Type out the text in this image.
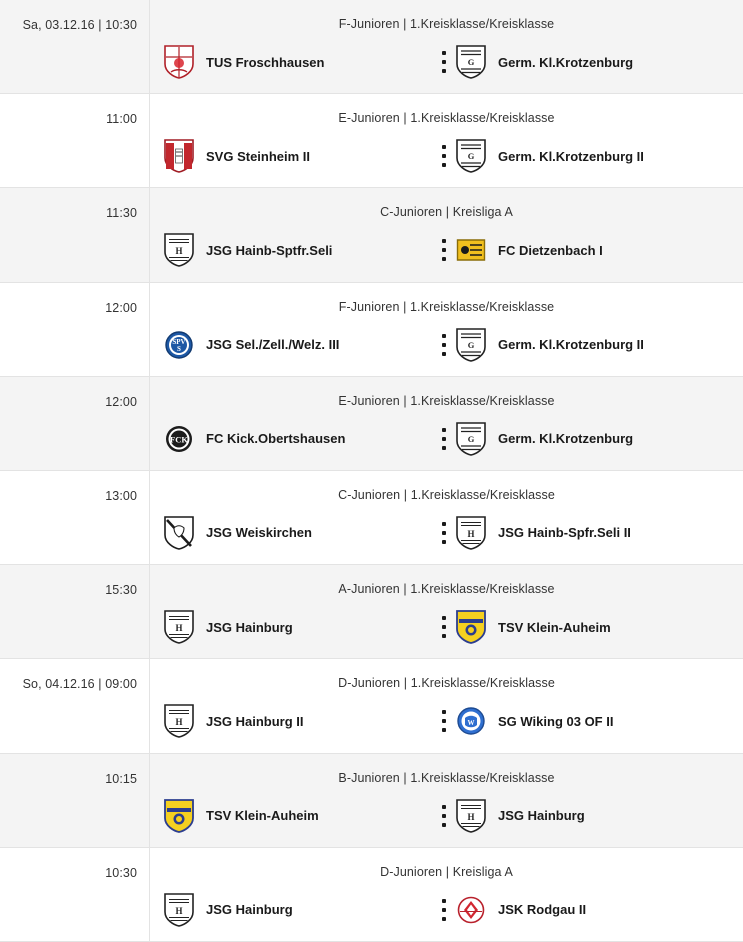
Sa, 03.12.16 | 10:30	F-Junioren | 1.Kreisklasse/Kreisklasse
TUS Froschhausen	G Germ. Kl.Krotzenburg
11:00	E-Junioren | 1.Kreisklasse/Kreisklasse
SVG Steinheim II	G Germ. Kl.Krotzenburg II
11:30	C-Junioren | Kreisliga A
H JSG Hainb-Sptfr.Seli	FC Dietzenbach I
12:00	F-Junioren | 1.Kreisklasse/Kreisklasse
SPV
S JSG Sel./Zell./Welz. III	G Germ. Kl.Krotzenburg II
12:00	E-Junioren | 1.Kreisklasse/Kreisklasse
FCK FC Kick.Obertshausen	G Germ. Kl.Krotzenburg
13:00	C-Junioren | 1.Kreisklasse/Kreisklasse
JSG Weiskirchen	H JSG Hainb-Spfr.Seli II
15:30	A-Junioren | 1.Kreisklasse/Kreisklasse
H JSG Hainburg	TSV Klein-Auheim
So, 04.12.16 | 09:00	D-Junioren | 1.Kreisklasse/Kreisklasse
H JSG Hainburg II	W SG Wiking 03 OF II
10:15	B-Junioren | 1.Kreisklasse/Kreisklasse
TSV Klein-Auheim	H JSG Hainburg
10:30	D-Junioren | Kreisliga A
H JSG Hainburg	JSK Rodgau II
